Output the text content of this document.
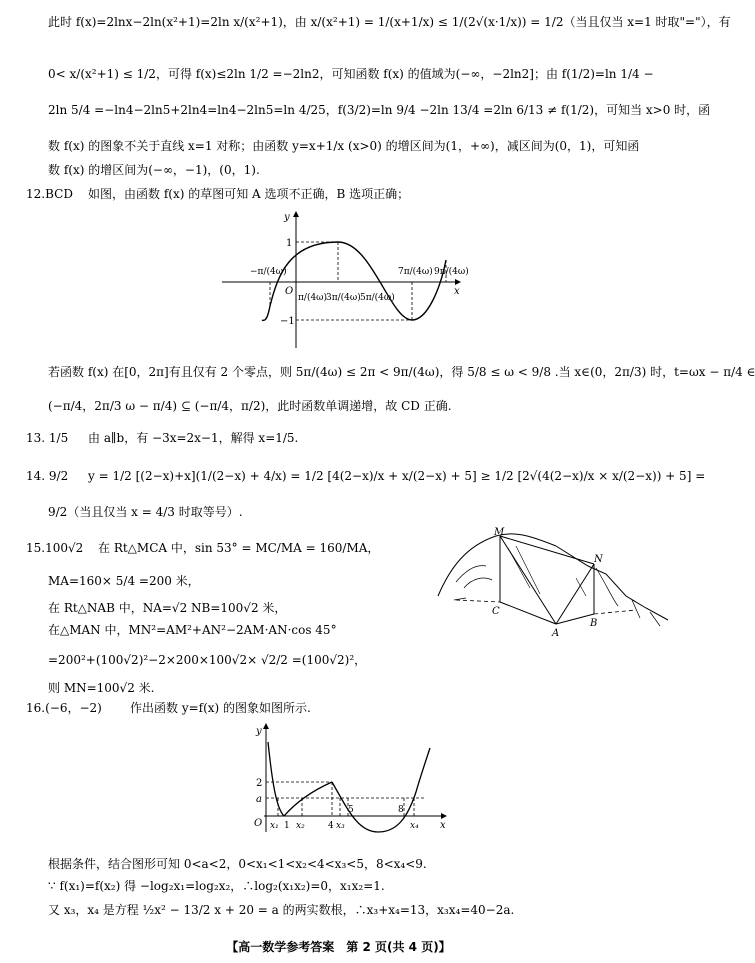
此时 f(x)=2lnx−2ln(x²+1)=2ln x/(x²+1)，由 x/(x²+1) = 1/(x+1/x) ≤ 1/(2√(x·1/x)) = 1/2（当且仅当 x=1 时取"="），有
0< x/(x²+1) ≤ 1/2，可得 f(x)≤2ln 1/2 =−2ln2，可知函数 f(x) 的值域为(−∞，−2ln2]；由 f(1/2)=ln 1/4 −
2ln 5/4 =−ln4−2ln5+2ln4=ln4−2ln5=ln 4/25，f(3/2)=ln 9/4 −2ln 13/4 =2ln 6/13 ≠ f(1/2)，可知当 x>0 时，函
数 f(x) 的图象不关于直线 x=1 对称；由函数 y=x+1/x (x>0) 的增区间为(1，+∞)，减区间为(0，1)，可知函
数 f(x) 的增区间为(−∞，−1)，(0，1).
12.BCD 如图，由函数 f(x) 的草图可知 A 选项不正确，B 选项正确；
y
x
O
1
−1
−π/(4ω)
π/(4ω)
3π/(4ω) 5π/(4ω)
7π/(4ω) 9π/(4ω)
若函数 f(x) 在[0，2π]有且仅有 2 个零点，则 5π/(4ω) ≤ 2π < 9π/(4ω)，得 5/8 ≤ ω < 9/8 .当 x∈(0，2π/3) 时，t=ωx − π/4 ∈
(−π/4，2π/3 ω − π/4) ⊆ (−π/4，π/2)，此时函数单调递增，故 CD 正确.
13. 1/5 由 a∥b，有 −3x=2x−1，解得 x=1/5.
14. 9/2 y = 1/2 [(2−x)+x](1/(2−x) + 4/x) = 1/2 [4(2−x)/x + x/(2−x) + 5] ≥ 1/2 [2√(4(2−x)/x × x/(2−x)) + 5] =
9/2（当且仅当 x = 4/3 时取等号）.
15.100√2 在 Rt△MCA 中，sin 53° = MC/MA = 160/MA，
MA=160× 5/4 =200 米，
在 Rt△NAB 中，NA=√2 NB=100√2 米，
在△MAN 中，MN²=AM²+AN²−2AM·AN·cos 45°
=200²+(100√2)²−2×200×100√2× √2/2 =(100√2)²，
则 MN=100√2 米.
M
N
C
A
B
16.(−6，−2) 作出函数 y=f(x) 的图象如图所示.
y
x
O
2
a
x₁ 1 x₂	4 x₃
5	8
x₄
根据条件，结合图形可知 0<a<2，0<x₁<1<x₂<4<x₃<5，8<x₄<9.
∵ f(x₁)=f(x₂) 得 −log₂x₁=log₂x₂，∴log₂(x₁x₂)=0，x₁x₂=1.
又 x₃，x₄ 是方程 ½x² − 13/2 x + 20 = a 的两实数根，∴x₃+x₄=13，x₃x₄=40−2a.
【高一数学参考答案　第 2 页(共 4 页)】
